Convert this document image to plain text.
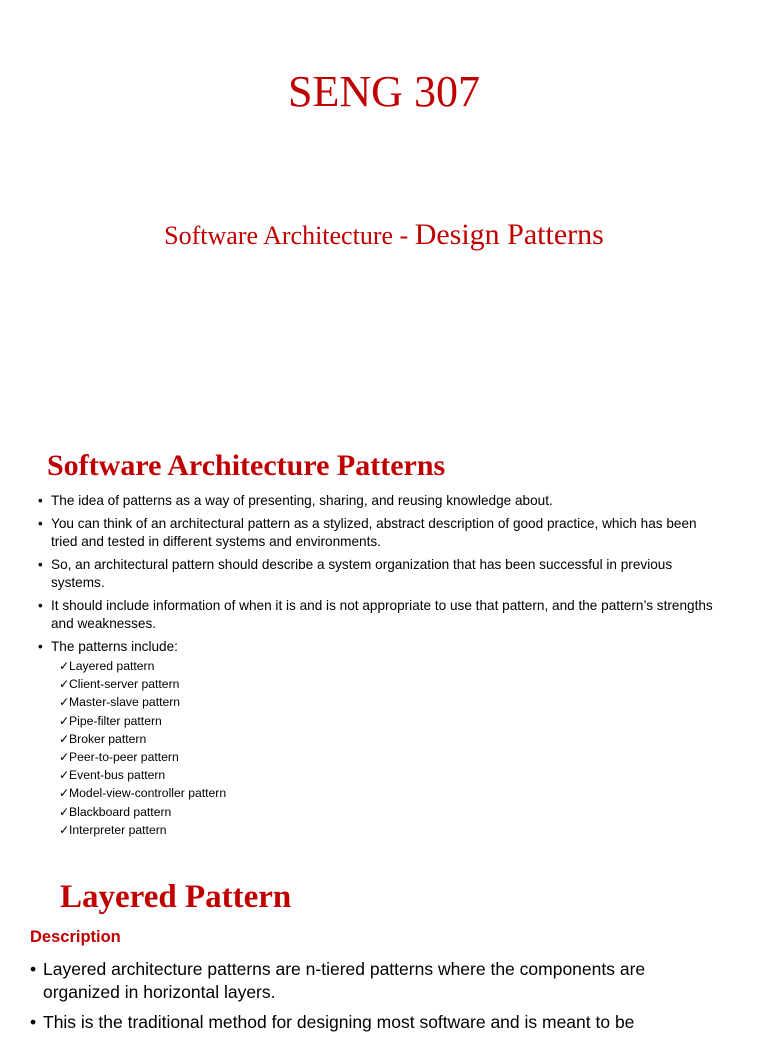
SENG 307
Software Architecture - Design Patterns
Software Architecture Patterns
• The idea of patterns as a way of presenting, sharing, and reusing knowledge about.
• You can think of an architectural pattern as a stylized, abstract description of good practice, which has been tried and tested in different systems and environments.
• So, an architectural pattern should describe a system organization that has been successful in previous systems.
• It should include information of when it is and is not appropriate to use that pattern, and the pattern’s strengths and weaknesses.
• The patterns include:
✓Layered pattern
✓Client-server pattern
✓Master-slave pattern
✓Pipe-filter pattern
✓Broker pattern
✓Peer-to-peer pattern
✓Event-bus pattern
✓Model-view-controller pattern
✓Blackboard pattern
✓Interpreter pattern
Layered Pattern
Description
• Layered architecture patterns are n-tiered patterns where the components are organized in horizontal layers.
• This is the traditional method for designing most software and is meant to be
